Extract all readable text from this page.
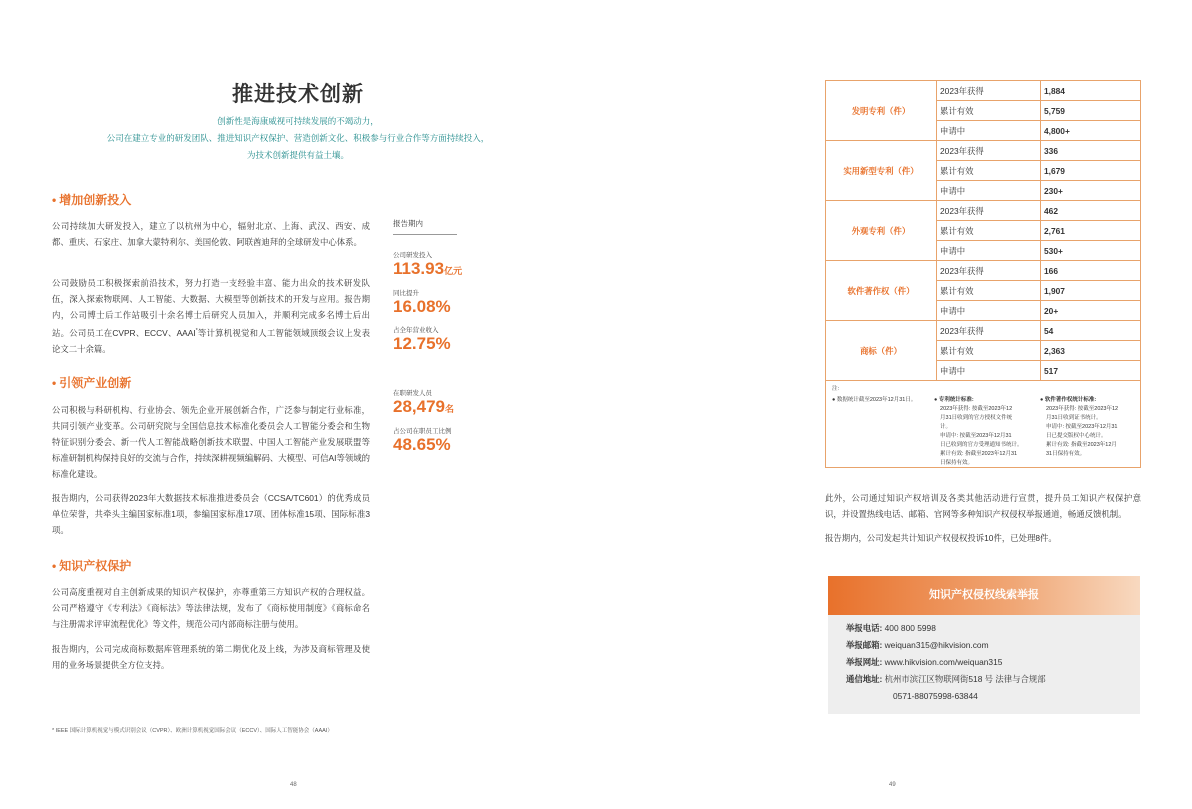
推进技术创新
创新性是海康威视可持续发展的不竭动力，
公司在建立专业的研发团队、推进知识产权保护、营造创新文化、积极参与行业合作等方面持续投入，
为技术创新提供有益土壤。
• 增加创新投入
公司持续加大研发投入，建立了以杭州为中心，辐射北京、上海、武汉、西安、成都、重庆、石家庄、加拿大蒙特利尔、美国伦敦、阿联酋迪拜的全球研发中心体系。
公司鼓励员工积极探索前沿技术，努力打造一支经验丰富、能力出众的技术研发队伍，深入探索物联网、人工智能、大数据、大模型等创新技术的开发与应用。报告期内，公司博士后工作站吸引十余名博士后研究人员加入，并顺利完成多名博士后出站。公司员工在CVPR、ECCV、AAAI*等计算机视觉和人工智能领域顶级会议上发表论文二十余篇。
报告期内
公司研发投入
113.93亿元
同比提升
16.08%
占全年营业收入
12.75%
在职研发人员
28,479名
占公司在职员工比例
48.65%
• 引领产业创新
公司积极与科研机构、行业协会、领先企业开展创新合作，广泛参与制定行业标准，共同引领产业变革。公司研究院与全国信息技术标准化委员会人工智能分委会和生物特征识别分委会、新一代人工智能战略创新技术联盟、中国人工智能产业发展联盟等标准研制机构保持良好的交流与合作，持续深耕视频编解码、大模型、可信AI等领域的标准化建设。
报告期内，公司获得2023年大数据技术标准推进委员会（CCSA/TC601）的优秀成员单位荣誉，共牵头主编国家标准1项，参编国家标准17项、团体标准15项、国际标准3项。
• 知识产权保护
公司高度重视对自主创新成果的知识产权保护，亦尊重第三方知识产权的合理权益。公司严格遵守《专利法》《商标法》等法律法规，发布了《商标使用制度》《商标命名与注册需求评审流程优化》等文件，规范公司内部商标注册与使用。
报告期内，公司完成商标数据库管理系统的第二期优化及上线，为涉及商标管理及使用的业务场景提供全方位支持。
* IEEE 国际计算机视觉与模式识别会议（CVPR）、欧洲计算机视觉国际会议（ECCV）、国际人工智能协会（AAAI）
48
发明专利（件）	2023年获得	1,884
	累计有效	5,759
	申请中	4,800+
实用新型专利（件）	2023年获得	336
	累计有效	1,679
	申请中	230+
外观专利（件）	2023年获得	462
	累计有效	2,761
	申请中	530+
软件著作权（件）	2023年获得	166
	累计有效	1,907
	申请中	20+
商标（件）	2023年获得	54
	累计有效	2,363
	申请中	517
注:
● 数据统计截至2023年12月31日。	● 专利统计标准:
2023年获得: 按截至2023年12
月31日收到的官方授权文件统
计。
申请中: 按截至2023年12月31
日已收到的官方受理通知书统计。
累计有效: 指截至2023年12月31
日保持有效。
● 软件著作权统计标准:
2023年获得: 按截至2023年12
月31日收到证书统计。
申请中: 按截至2023年12月31
日已提交版权中心统计。
累计有效: 指截至2023年12月
31日保持有效。
此外，公司通过知识产权培训及各类其他活动进行宣贯，提升员工知识产权保护意识，并设置热线电话、邮箱、官网等多种知识产权侵权举报通道，畅通反馈机制。
报告期内，公司发起共计知识产权侵权投诉10件，已处理8件。
知识产权侵权线索举报
举报电话: 400 800 5998
举报邮箱: weiquan315@hikvision.com
举报网址: www.hikvision.com/weiquan315
通信地址: 杭州市滨江区物联网街518 号 法律与合规部
0571-88075998-63844
49
